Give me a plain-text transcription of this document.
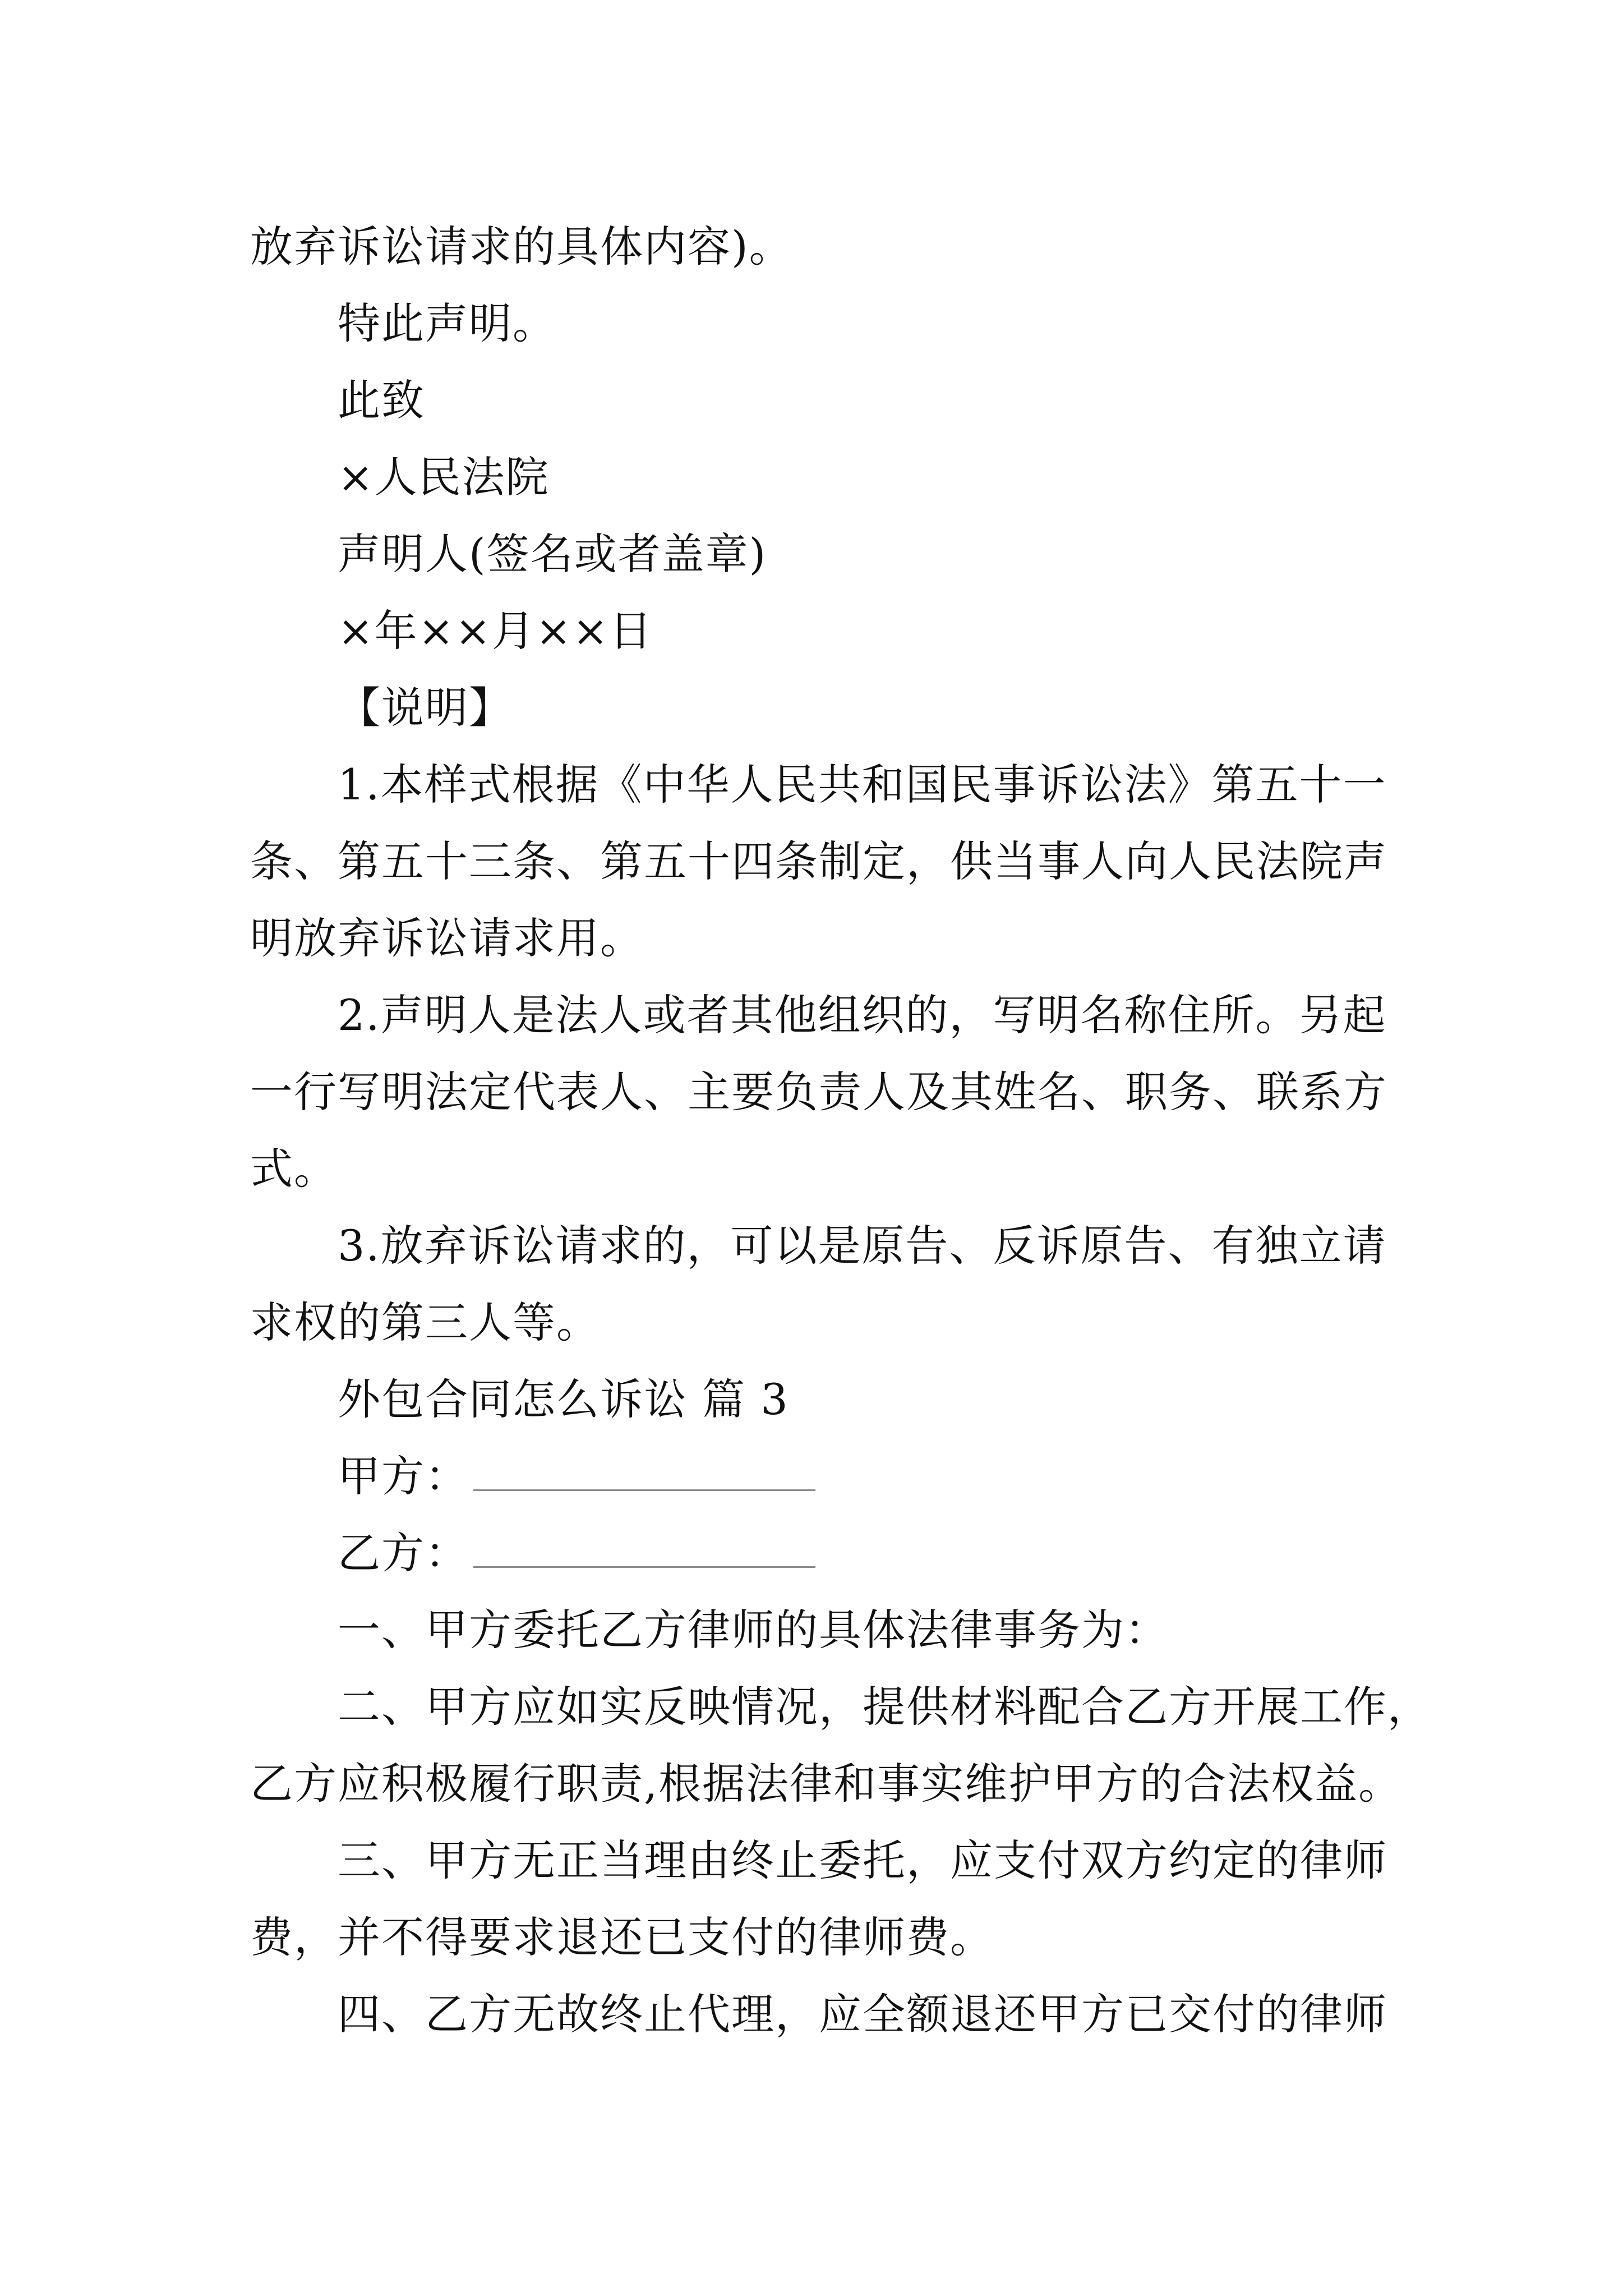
放弃诉讼请求的具体内容)。
特此声明。
此致
×人民法院
声明人(签名或者盖章)
×年××月××日
【说明】
1.本样式根据《中华人民共和国民事诉讼法》第五十一
条、第五十三条、第五十四条制定，供当事人向人民法院声
明放弃诉讼请求用。
2.声明人是法人或者其他组织的，写明名称住所。另起
一行写明法定代表人、主要负责人及其姓名、职务、联系方
式。
3.放弃诉讼请求的，可以是原告、反诉原告、有独立请
求权的第三人等。
外包合同怎么诉讼 篇 3
甲方：
乙方：
一、甲方委托乙方律师的具体法律事务为：
二、甲方应如实反映情况，提供材料配合乙方开展工作，
乙方应积极履行职责,根据法律和事实维护甲方的合法权益。
三、甲方无正当理由终止委托，应支付双方约定的律师
费，并不得要求退还已支付的律师费。
四、乙方无故终止代理，应全额退还甲方已交付的律师
